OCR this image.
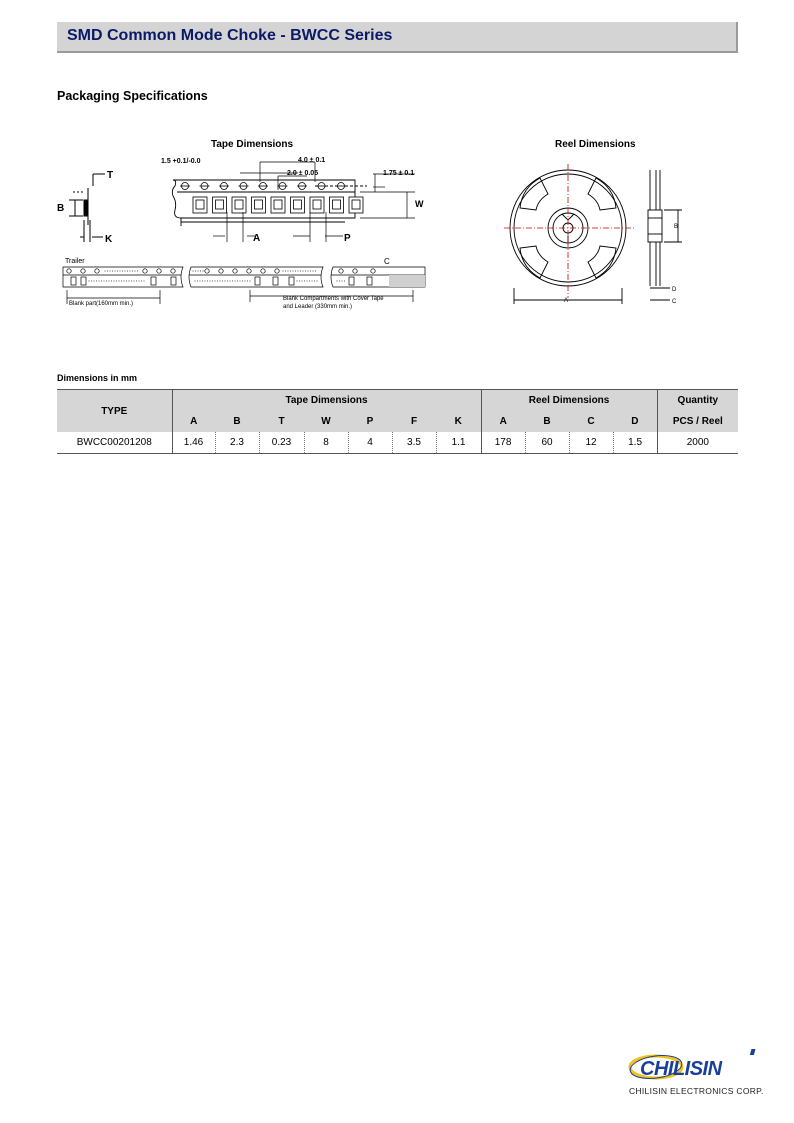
SMD Common Mode Choke - BWCC Series
Packaging Specifications
Tape Dimensions	Reel Dimensions
T
B
K
1.5 +0.1/-0.0	4.0 ± 0.1
2.0 ± 0.05	1.75 ± 0.1
W
A	P
Trailer	C
Blank part(160mm min.)
Blank Compartments with Cover Tape
and Leader (330mm min.)
A
B
C
D
Dimensions in mm
TYPE	Tape Dimensions							Reel Dimensions				Quantity
	A	B	T	W	P	F	K	A	B	C	D	PCS / Reel
BWCC00201208	1.46	2.3	0.23	8	4	3.5	1.1	178	60	12	1.5	2000
CHILISIN
CHILISIN ELECTRONICS CORP.
